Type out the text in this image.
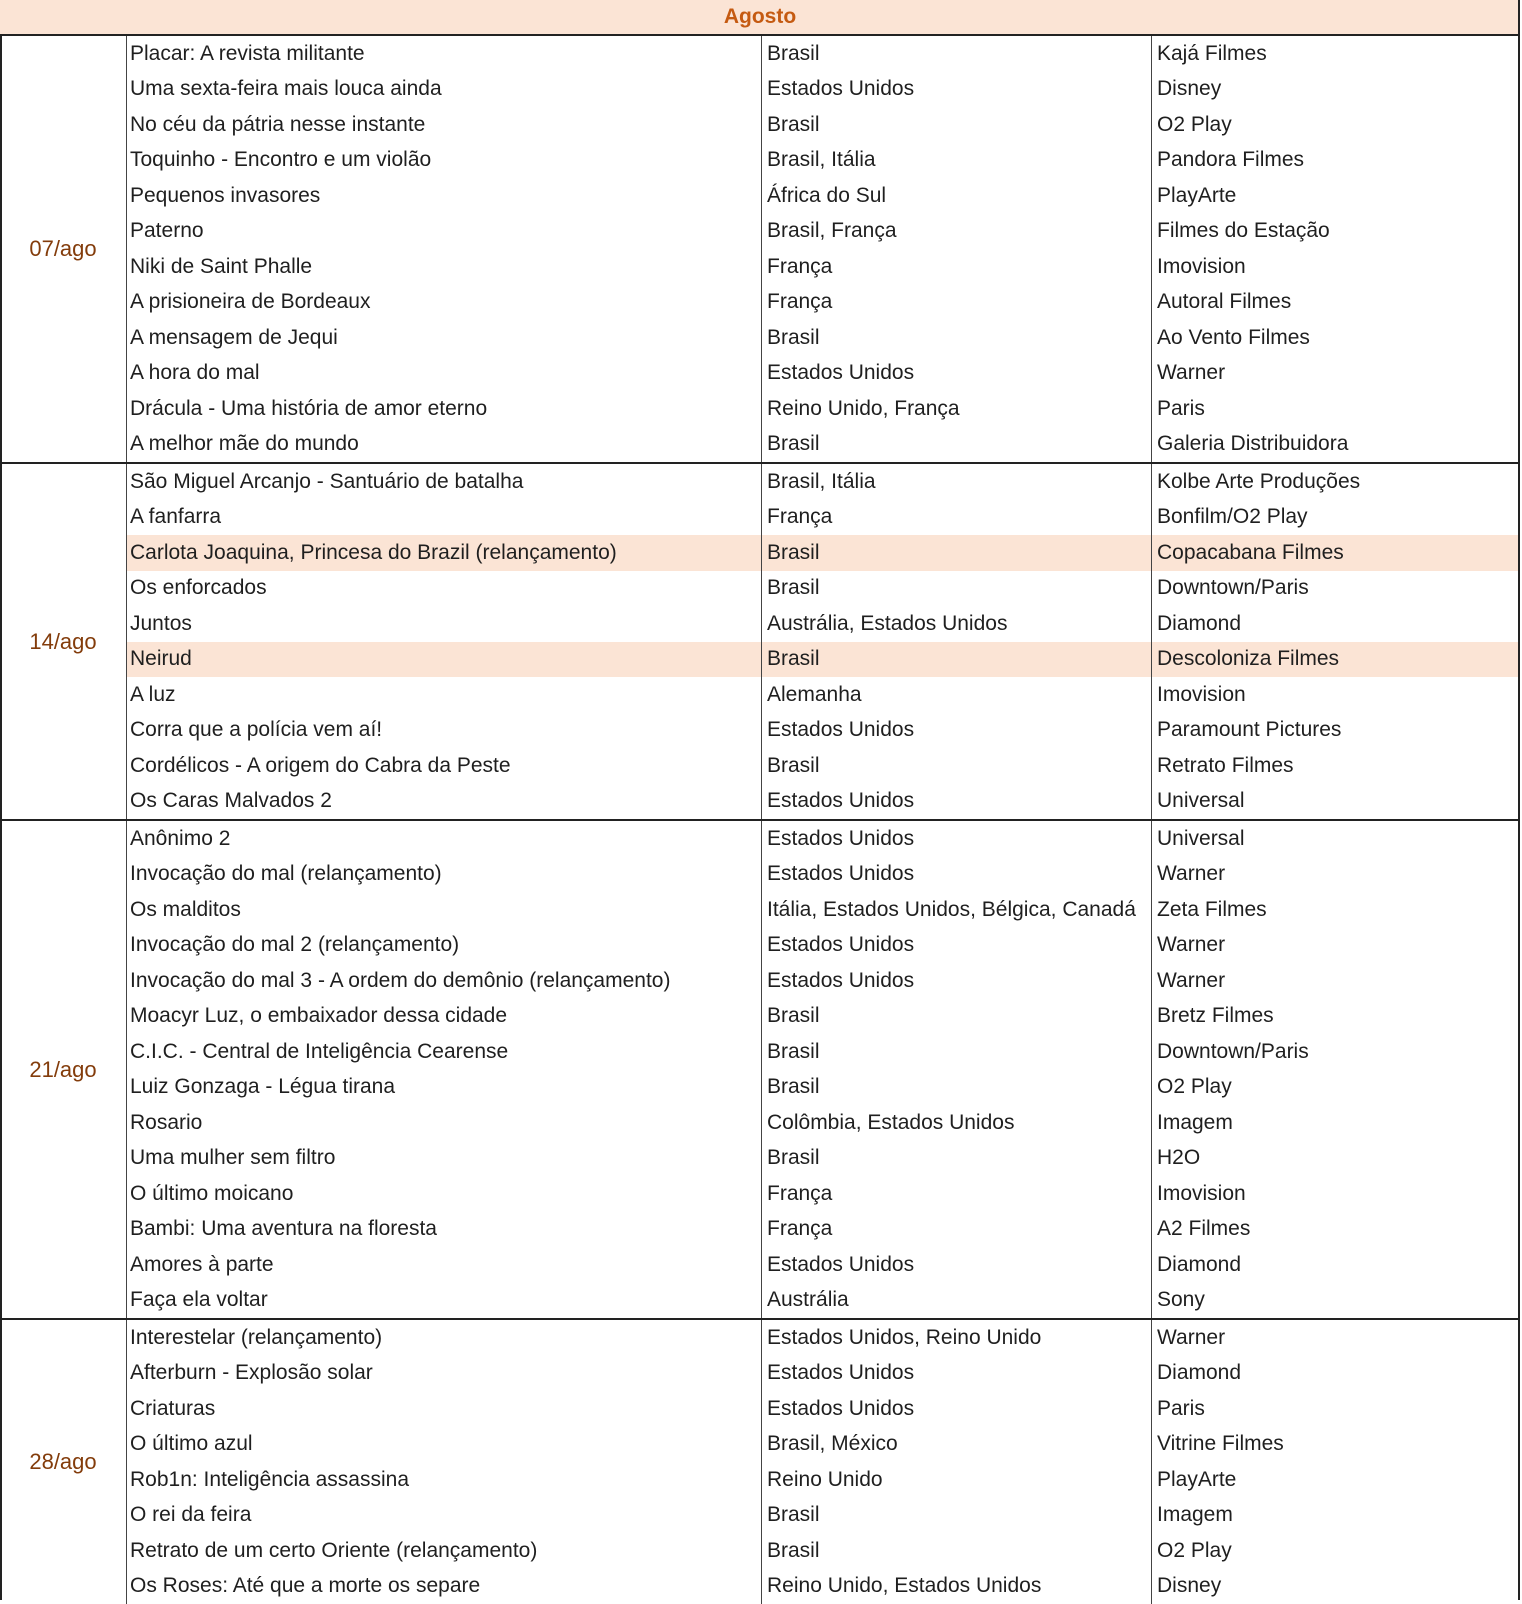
Agosto
07/ago
Placar: A revista militante	Brasil	Kajá Filmes
Uma sexta-feira mais louca ainda	Estados Unidos	Disney
No céu da pátria nesse instante	Brasil	O2 Play
Toquinho - Encontro e um violão	Brasil, Itália	Pandora Filmes
Pequenos invasores	África do Sul	PlayArte
Paterno	Brasil, França	Filmes do Estação
Niki de Saint Phalle	França	Imovision
A prisioneira de Bordeaux	França	Autoral Filmes
A mensagem de Jequi	Brasil	Ao Vento Filmes
A hora do mal	Estados Unidos	Warner
Drácula - Uma história de amor eterno	Reino Unido, França	Paris
A melhor mãe do mundo	Brasil	Galeria Distribuidora
14/ago
São Miguel Arcanjo - Santuário de batalha	Brasil, Itália	Kolbe Arte Produções
A fanfarra	França	Bonfilm/O2 Play
Carlota Joaquina, Princesa do Brazil (relançamento)	Brasil	Copacabana Filmes
Os enforcados	Brasil	Downtown/Paris
Juntos	Austrália, Estados Unidos	Diamond
Neirud	Brasil	Descoloniza Filmes
A luz	Alemanha	Imovision
Corra que a polícia vem aí!	Estados Unidos	Paramount Pictures
Cordélicos - A origem do Cabra da Peste	Brasil	Retrato Filmes
Os Caras Malvados 2	Estados Unidos	Universal
21/ago
Anônimo 2	Estados Unidos	Universal
Invocação do mal (relançamento)	Estados Unidos	Warner
Os malditos	Itália, Estados Unidos, Bélgica, Canadá	Zeta Filmes
Invocação do mal 2 (relançamento)	Estados Unidos	Warner
Invocação do mal 3 - A ordem do demônio (relançamento)	Estados Unidos	Warner
Moacyr Luz, o embaixador dessa cidade	Brasil	Bretz Filmes
C.I.C. - Central de Inteligência Cearense	Brasil	Downtown/Paris
Luiz Gonzaga - Légua tirana	Brasil	O2 Play
Rosario	Colômbia, Estados Unidos	Imagem
Uma mulher sem filtro	Brasil	H2O
O último moicano	França	Imovision
Bambi: Uma aventura na floresta	França	A2 Filmes
Amores à parte	Estados Unidos	Diamond
Faça ela voltar	Austrália	Sony
28/ago
Interestelar (relançamento)	Estados Unidos, Reino Unido	Warner
Afterburn - Explosão solar	Estados Unidos	Diamond
Criaturas	Estados Unidos	Paris
O último azul	Brasil, México	Vitrine Filmes
Rob1n: Inteligência assassina	Reino Unido	PlayArte
O rei da feira	Brasil	Imagem
Retrato de um certo Oriente (relançamento)	Brasil	O2 Play
Os Roses: Até que a morte os separe	Reino Unido, Estados Unidos	Disney
